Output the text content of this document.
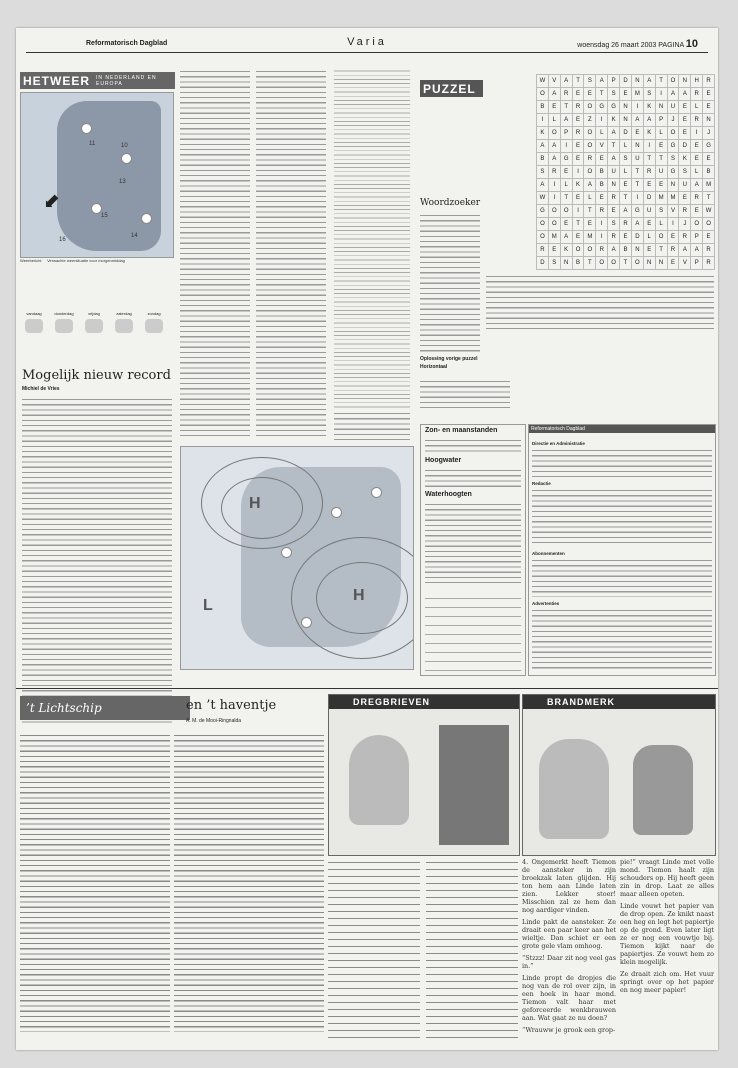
Reformatorisch Dagblad	Varia	woensdag 26 maart 2003 PAGINA 10
HETWEER IN NEDERLAND EN EUROPA
⬋
11	10
13
16
15
14
Weerbericht Verwachte weersituatie voor morgenmiddag
vandaag	donderdag	vrijdag	zaterdag	zondag
Mogelijk nieuw record
Michiel de Vries
H
H
L
PUZZEL
W	V	A	T	S	A	P	D	N	A	T	O	N	H	R
O	A	R	E	E	T	S	E	M	S	I	A	A	R	E
B	E	T	R	O	G	G	N	I	K	N	U	E	L	E
I	L	A	E	Z	I	K	N	A	A	P	J	E	R	N
K	O	P	R	O	L	A	D	E	K	L	O	E	I	J
A	A	I	E	O	V	T	L	N	I	E	G	D	E	G
B	A	G	E	R	E	A	S	U	T	T	S	K	E	E
S	R	E	I	O	B	U	L	T	R	U	G	S	L	B
A	I	L	K	A	B	N	E	T	E	E	N	U	A	M
W	I	T	E	L	E	R	T	I	D	M	M	E	R	T
G	O	O	I	T	R	E	A	G	U	S	V	R	E	W
O	O	E	T	E	I	S	R	A	E	L	I	J	O	O
O	M	A	E	M	I	R	E	D	L	O	E	R	P	E
R	E	K	O	O	R	A	B	N	E	T	R	A	A	R
D	S	N	B	T	O	O	T	O	N	N	E	V	P	R
Woordzoeker
Oplossing vorige puzzel
Horizontaal
Zon- en maanstanden
Hoogwater
Waterhoogten
Reformatorisch Dagblad
Directie en Administratie
Redactie
Abonnementen
Advertenties
’t Lichtschip	en ’t haventje
A. M. de Mooi-Ringnalda
DREGBRIEVEN	BRANDMERK

4. Ongemerkt heeft Tiemon de aansteker in zijn broekzak laten glijden. Hij ton hem aan Linde laten zien. Lekker stoer! Misschien zal ze hem dan nog aardiger vinden.

Linde pakt de aansteker. Ze draait een paar keer aan het wieltje. Dan schiet er een grote gele vlam omhoog.

“Stzzz! Daar zit nog veel gas in.”

Linde propt de dropjes die nog van de rol over zijn, in een hoek in haar mond. Tiemon valt haar met geforceerde wenkbrauwen aan. Wat gaat ze nu doen?

“Wrauww je grook een grop-

pie!” vraagt Linde met volle mond. Tiemon haalt zijn schouders op. Hij heeft geen zin in drop. Laat ze alles maar alleen opeten.

Linde vouwt het papier van de drop open. Ze knikt naast een heg en legt het papiertje op de grond. Even later ligt ze er nog een vouwtje bij. Tiemon kijkt naar de papiertjes. Ze vouwt hem zo klein mogelijk.

Ze draait zich om. Het vuur springt over op het papier en nog meer papier!
